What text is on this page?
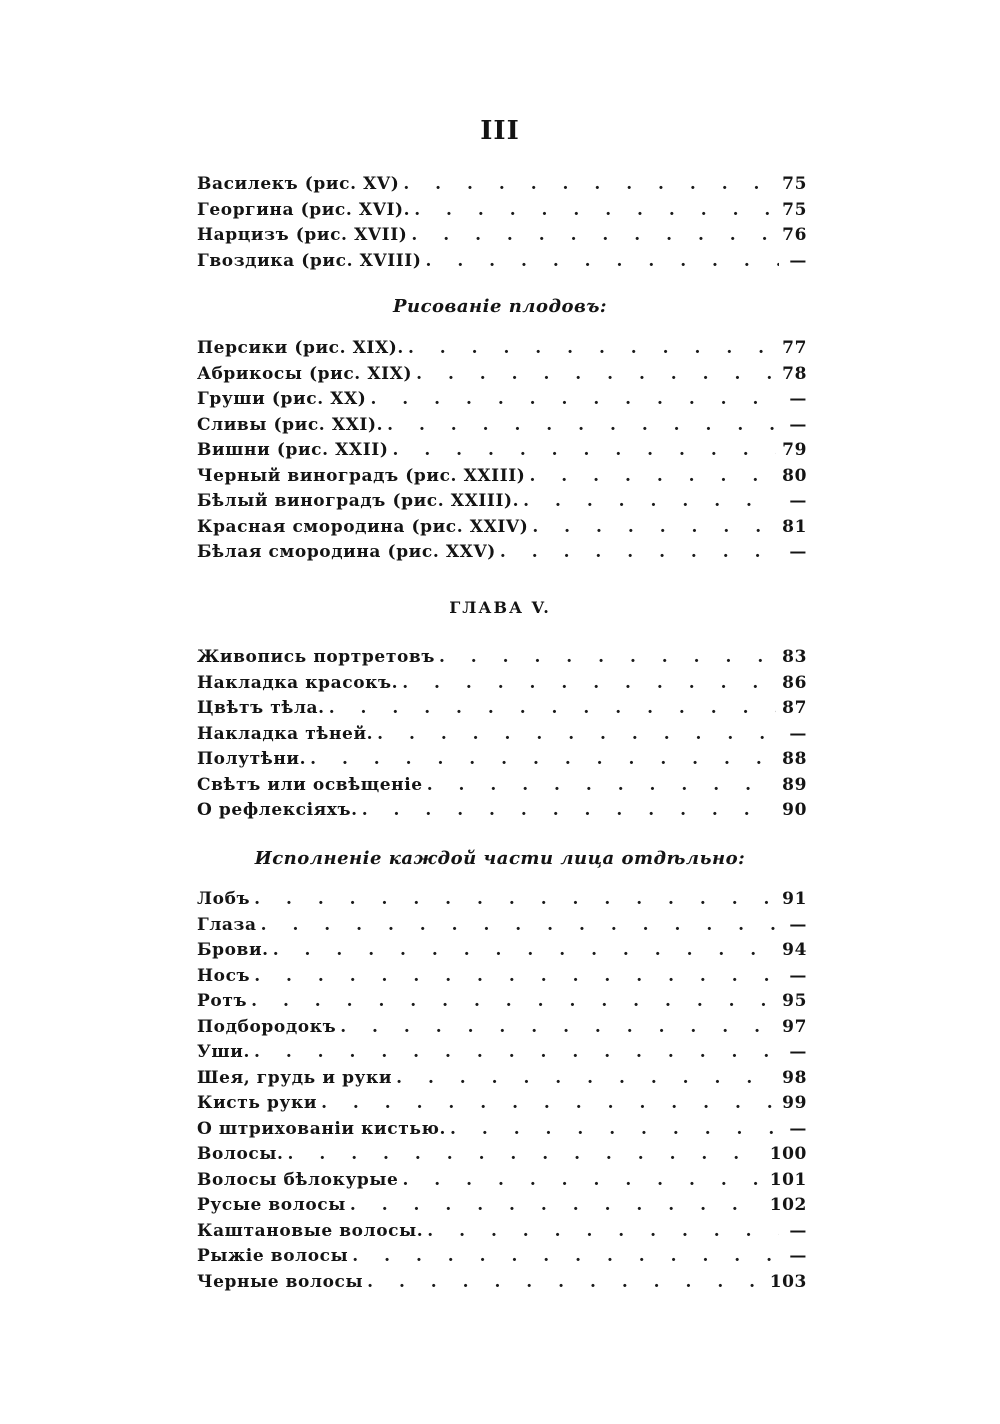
III
Василекъ (рис. XV) . . .	75
Георгина (рис. XVI). . . .	75
Нарцизъ (рис. XVII) . . .	76
Гвоздика (рис. XVIII) . . .	—
Рисованіе плодовъ:
Персики (рис. XIX). . . .	77
Абрикосы (рис. XIX) . . .	78
Груши (рис. XX) . . .	—
Сливы (рис. XXI). . . .	—
Вишни (рис. XXII) . . .	79
Черный виноградъ (рис. XXIII) . . .	80
Бѣлый виноградъ (рис. XXIII). . . .	—
Красная смородина (рис. XXIV) . . .	81
Бѣлая смородина (рис. XXV) . . .	—
ГЛАВА V.
Живопись портретовъ . . .	83
Накладка красокъ. . . .	86
Цвѣтъ тѣла. . . .	87
Накладка тѣней. . . .	—
Полутѣни. . . .	88
Свѣтъ или освѣщеніе . . .	89
О рефлексіяхъ. . . .	90
Исполненіе каждой части лица отдѣльно:
Лобъ . . .	91
Глаза . . .	—
Брови. . . .	94
Носъ . . .	—
Ротъ . . .	95
Подбородокъ . . .	97
Уши. . . .	—
Шея, грудь и руки . . .	98
Кисть руки . . .	99
О штрихованіи кистью. . . .	—
Волосы. . . .	100
Волосы бѣлокурые . . .	101
Русые волосы . . .	102
Каштановые волосы. . . .	—
Рыжіе волосы . . .	—
Черные волосы . . .	103
